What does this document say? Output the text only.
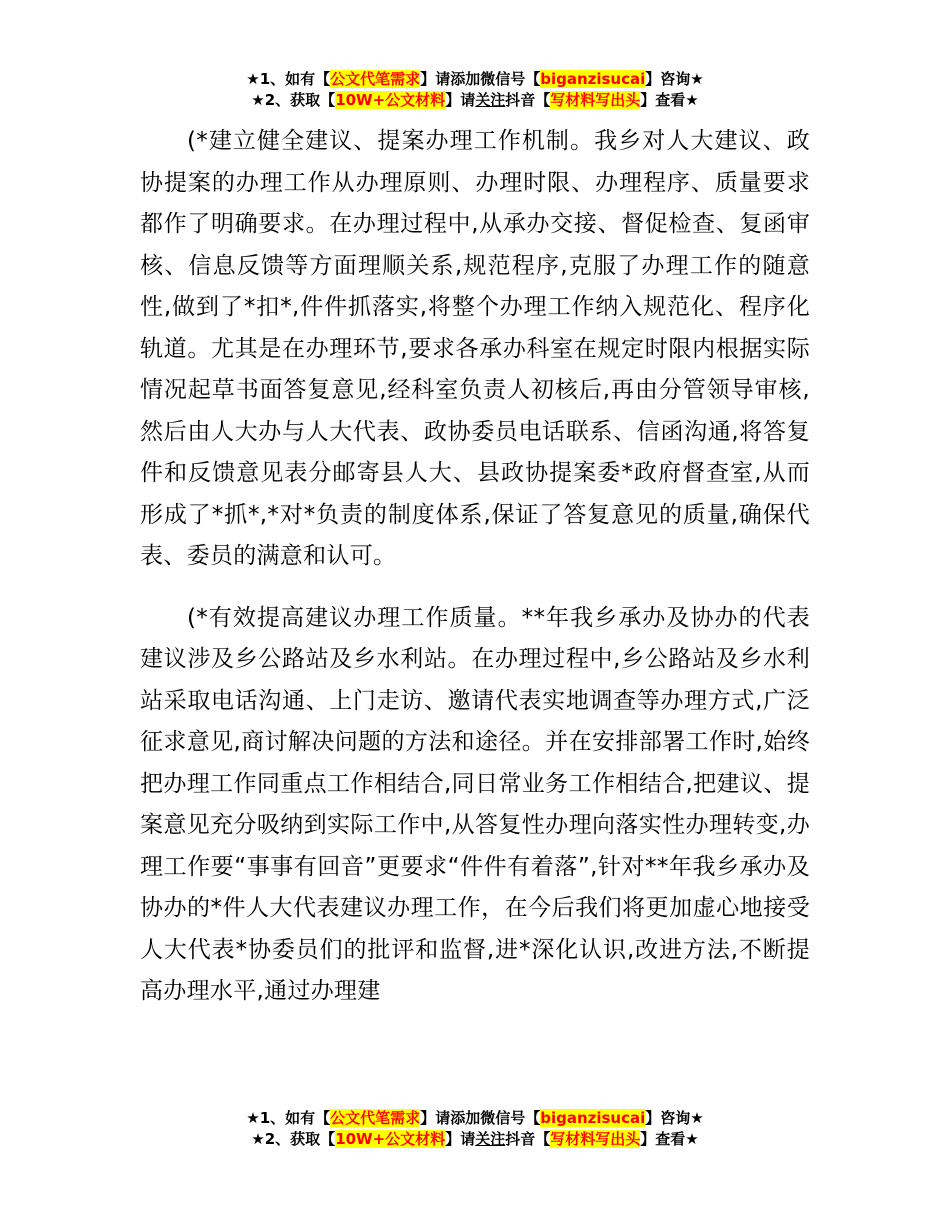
★1、如有【公文代笔需求】请添加微信号【biganzisucai】咨询★
★2、获取【10W+公文材料】请关注抖音【写材料写出头】查看★

(*建立健全建议、提案办理工作机制。我乡对人大建议、政协提案的办理工作从办理原则、办理时限、办理程序、质量要求都作了明确要求。在办理过程中,从承办交接、督促检查、复函审核、信息反馈等方面理顺关系,规范程序,克服了办理工作的随意性,做到了*扣*,件件抓落实,将整个办理工作纳入规范化、程序化轨道。尤其是在办理环节,要求各承办科室在规定时限内根据实际情况起草书面答复意见,经科室负责人初核后,再由分管领导审核,然后由人大办与人大代表、政协委员电话联系、信函沟通,将答复件和反馈意见表分邮寄县人大、县政协提案委*政府督查室,从而形成了*抓*,*对*负责的制度体系,保证了答复意见的质量,确保代表、委员的满意和认可。

(*有效提高建议办理工作质量。**年我乡承办及协办的代表建议涉及乡公路站及乡水利站。在办理过程中,乡公路站及乡水利站采取电话沟通、上门走访、邀请代表实地调查等办理方式,广泛征求意见,商讨解决问题的方法和途径。并在安排部署工作时,始终把办理工作同重点工作相结合,同日常业务工作相结合,把建议、提案意见充分吸纳到实际工作中,从答复性办理向落实性办理转变,办理工作要“事事有回音”更要求“件件有着落”,针对**年我乡承办及协办的*件人大代表建议办理工作，在今后我们将更加虚心地接受人大代表*协委员们的批评和监督,进*深化认识,改进方法,不断提高办理水平,通过办理建

★1、如有【公文代笔需求】请添加微信号【biganzisucai】咨询★
★2、获取【10W+公文材料】请关注抖音【写材料写出头】查看★
